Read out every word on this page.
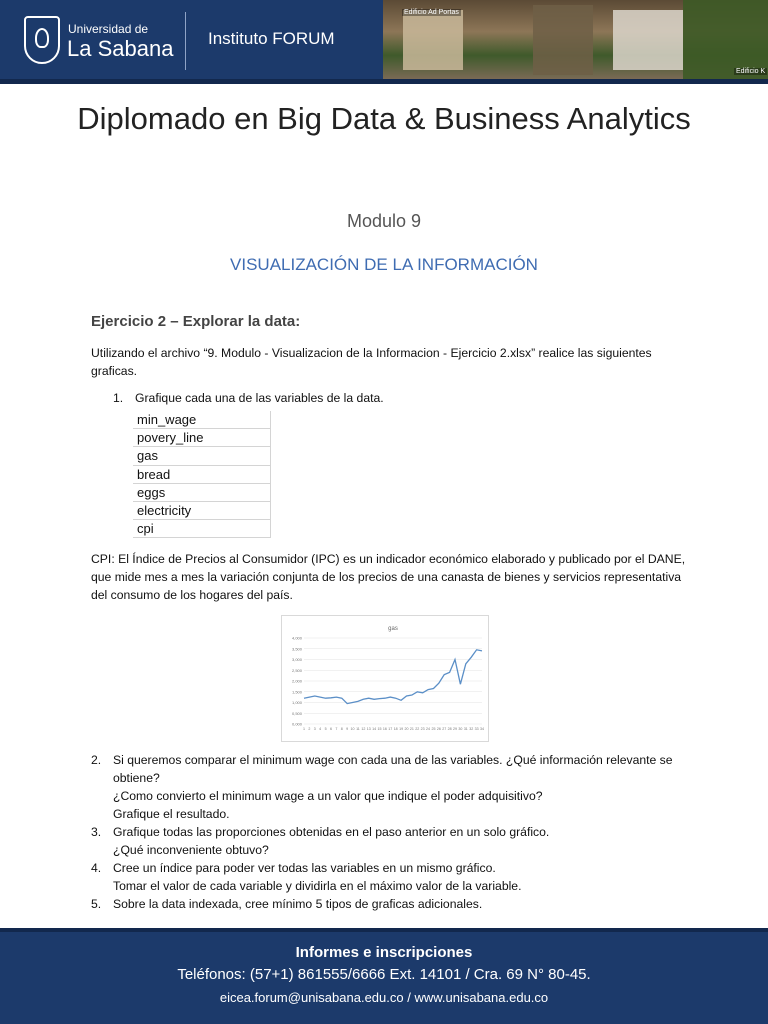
Universidad de
La Sabana Instituto FORUM
Edificio Ad Portas
Edificio K
Diplomado en Big Data & Business Analytics
Modulo 9
VISUALIZACIÓN DE LA INFORMACIÓN
Ejercicio 2 – Explorar la data:
Utilizando el archivo “9. Modulo - Visualizacion de la Informacion - Ejercicio 2.xlsx” realice las siguientes graficas.
1. Grafique cada una de las variables de la data.
min_wage
povery_line
gas
bread
eggs
electricity
cpi
CPI: El Índice de Precios al Consumidor (IPC) es un indicador económico elaborado y publicado por el DANE, que mide mes a mes la variación conjunta de los precios de una canasta de bienes y servicios representativa del consumo de los hogares del país.
gas
0,000
0,500
1,000
1,500
2,000
2,500
3,000
3,500
4,000
1 2 3 4 5 6 7 8 9 10 11 12 13 14 15 16 17 18 19 20 21 22 23 24 25 26 27 28 29 30 31 32 33 34
2. Si queremos comparar el minimum wage con cada una de las variables. ¿Qué información relevante se obtiene?
¿Como convierto el minimum wage a un valor que indique el poder adquisitivo?
Grafique el resultado.
3. Grafique todas las proporciones obtenidas en el paso anterior en un solo gráfico.
¿Qué inconveniente obtuvo?
4. Cree un índice para poder ver todas las variables en un mismo gráfico.
Tomar el valor de cada variable y dividirla en el máximo valor de la variable.
5. Sobre la data indexada, cree mínimo 5 tipos de graficas adicionales.
Informes e inscripciones
Teléfonos: (57+1) 861555/6666 Ext. 14101 / Cra. 69 N° 80-45.
eicea.forum@unisabana.edu.co / www.unisabana.edu.co
